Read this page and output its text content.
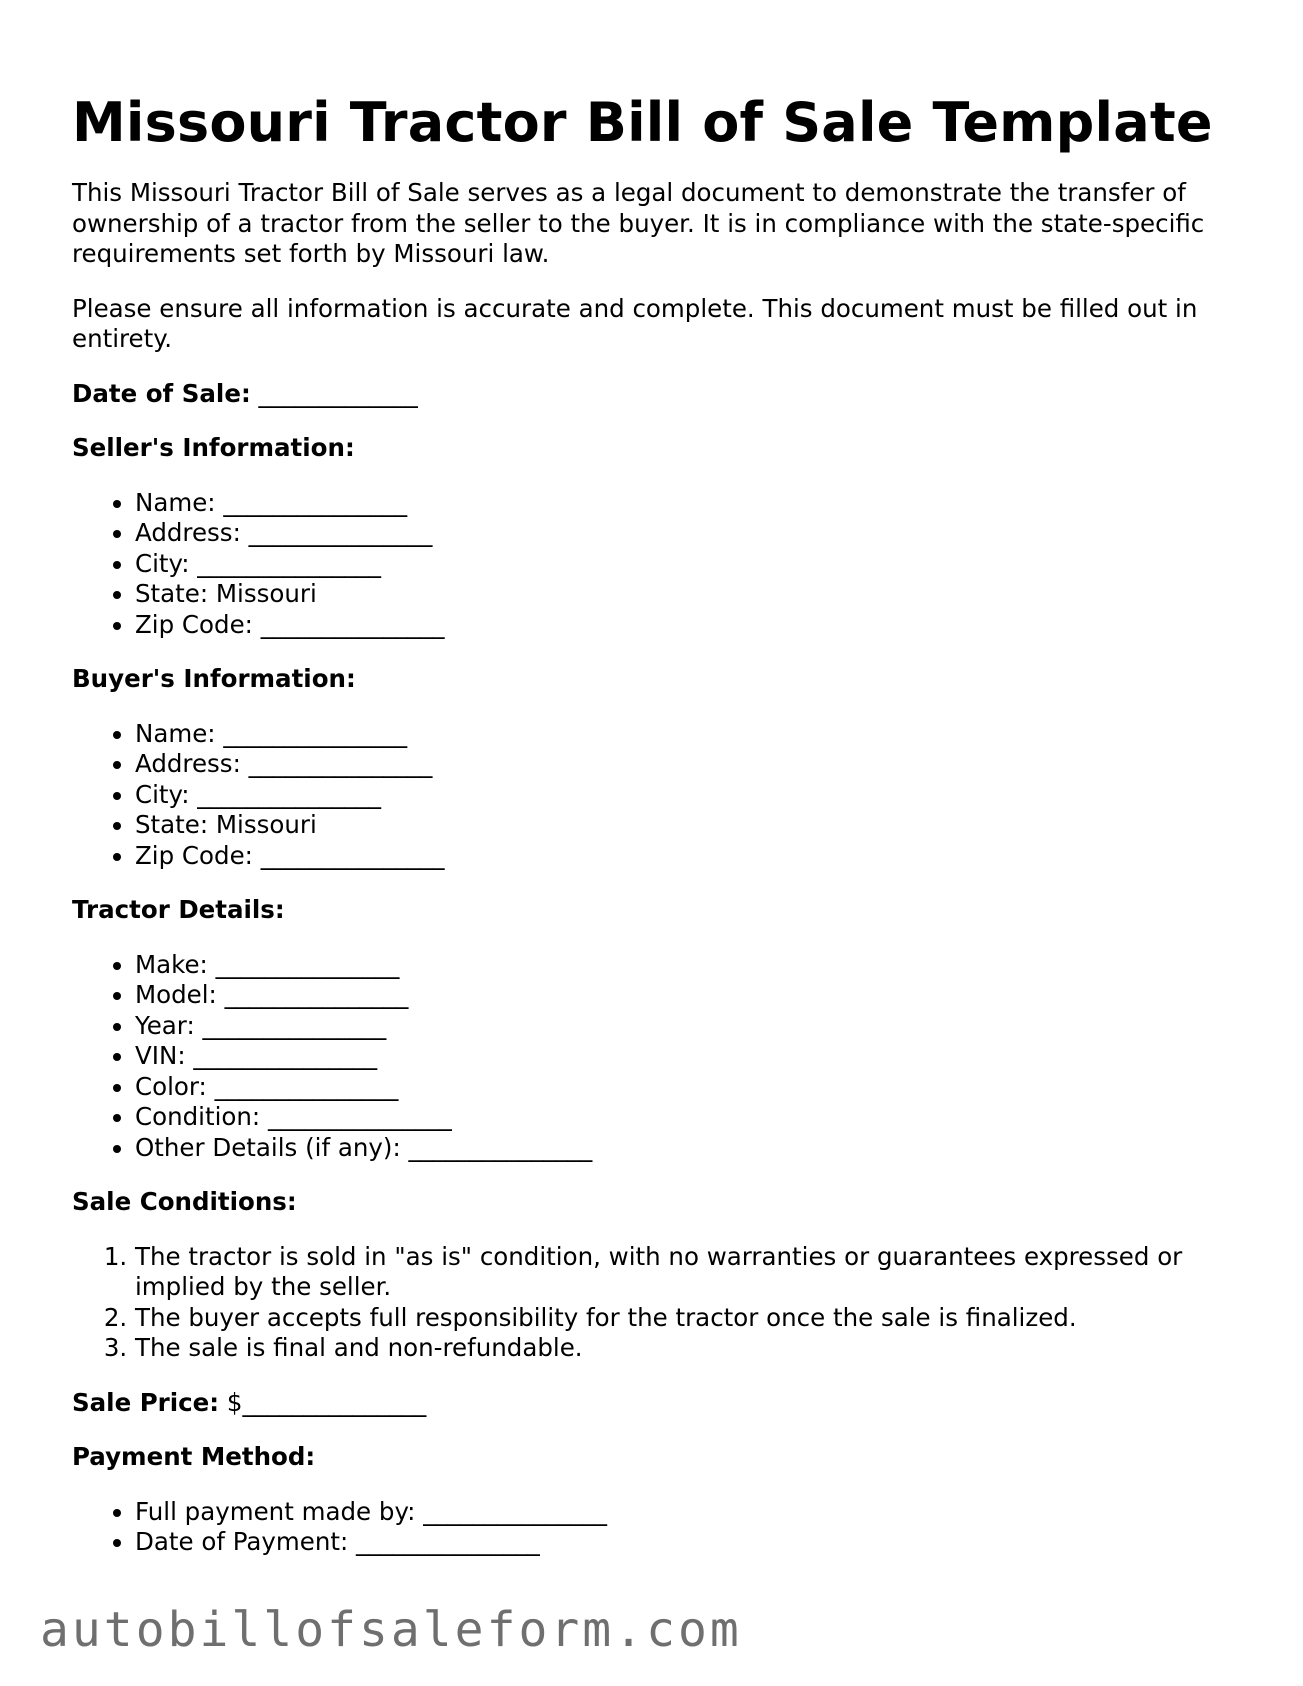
Missouri Tractor Bill of Sale Template

This Missouri Tractor Bill of Sale serves as a legal document to demonstrate the transfer of ownership of a tractor from the seller to the buyer. It is in compliance with the state-specific requirements set forth by Missouri law.

Please ensure all information is accurate and complete. This document must be filled out in entirety.

Date of Sale: _____________

Seller's Information:

• Name: _______________
• Address: _______________
• City: _______________
• State: Missouri
• Zip Code: _______________

Buyer's Information:

• Name: _______________
• Address: _______________
• City: _______________
• State: Missouri
• Zip Code: _______________

Tractor Details:

• Make: _______________
• Model: _______________
• Year: _______________
• VIN: _______________
• Color: _______________
• Condition: _______________
• Other Details (if any): _______________

Sale Conditions:

1. The tractor is sold in "as is" condition, with no warranties or guarantees expressed or implied by the seller.
2. The buyer accepts full responsibility for the tractor once the sale is finalized.
3. The sale is final and non-refundable.

Sale Price: $_______________

Payment Method:

• Full payment made by: _______________
• Date of Payment: _______________
autobillofsaleform.com
